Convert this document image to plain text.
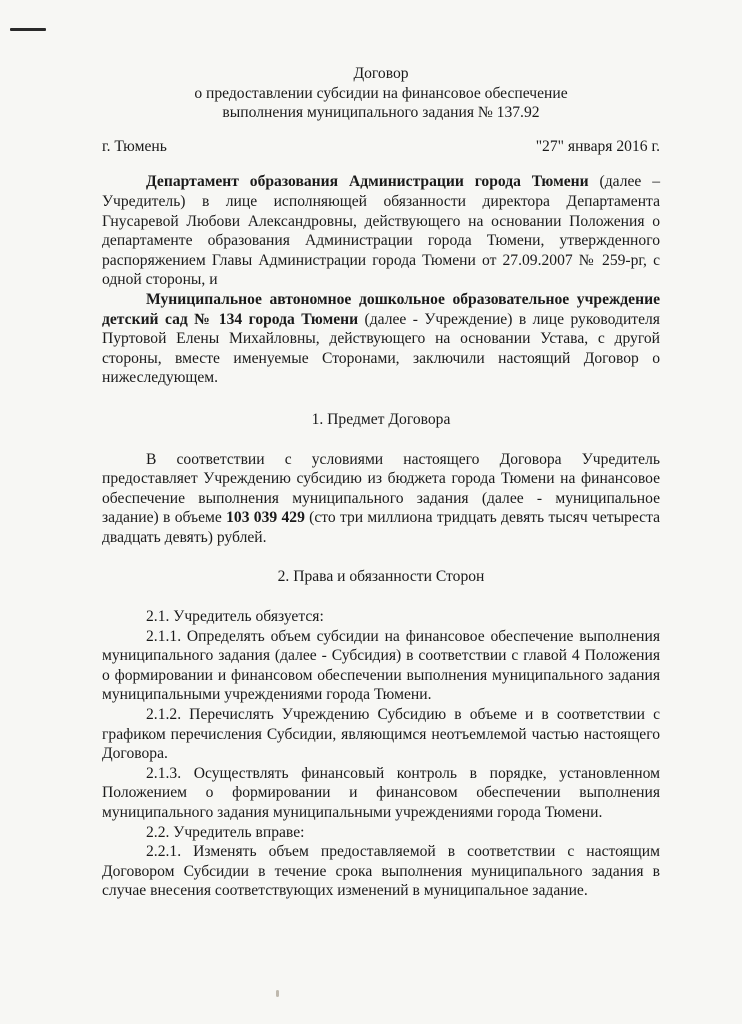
Договор
о предоставлении субсидии на финансовое обеспечение
выполнения муниципального задания № 137.92
г. Тюмень	"27" января 2016 г.

Департамент образования Администрации города Тюмени (далее – Учредитель) в лице исполняющей обязанности директора Департамента Гнусаревой Любови Александровны, действующего на основании Положения о департаменте образования Администрации города Тюмени, утвержденного распоряжением Главы Администрации города Тюмени от 27.09.2007 № 259-рг, с одной стороны, и

Муниципальное автономное дошкольное образовательное учреждение детский сад № 134 города Тюмени (далее - Учреждение) в лице руководителя Пуртовой Елены Михайловны, действующего на основании Устава, с другой стороны, вместе именуемые Сторонами, заключили настоящий Договор о нижеследующем.

1. Предмет Договора

В соответствии с условиями настоящего Договора Учредитель предоставляет Учреждению субсидию из бюджета города Тюмени на финансовое обеспечение выполнения муниципального задания (далее - муниципальное задание) в объеме 103 039 429 (сто три миллиона тридцать девять тысяч четыреста двадцать девять) рублей.

2. Права и обязанности Сторон

2.1. Учредитель обязуется:

2.1.1. Определять объем субсидии на финансовое обеспечение выполнения муниципального задания (далее - Субсидия) в соответствии с главой 4 Положения о формировании и финансовом обеспечении выполнения муниципального задания муниципальными учреждениями города Тюмени.

2.1.2. Перечислять Учреждению Субсидию в объеме и в соответствии с графиком перечисления Субсидии, являющимся неотъемлемой частью настоящего Договора.

2.1.3. Осуществлять финансовый контроль в порядке, установленном Положением о формировании и финансовом обеспечении выполнения муниципального задания муниципальными учреждениями города Тюмени.

2.2. Учредитель вправе:

2.2.1. Изменять объем предоставляемой в соответствии с настоящим Договором Субсидии в течение срока выполнения муниципального задания в случае внесения соответствующих изменений в муниципальное задание.
